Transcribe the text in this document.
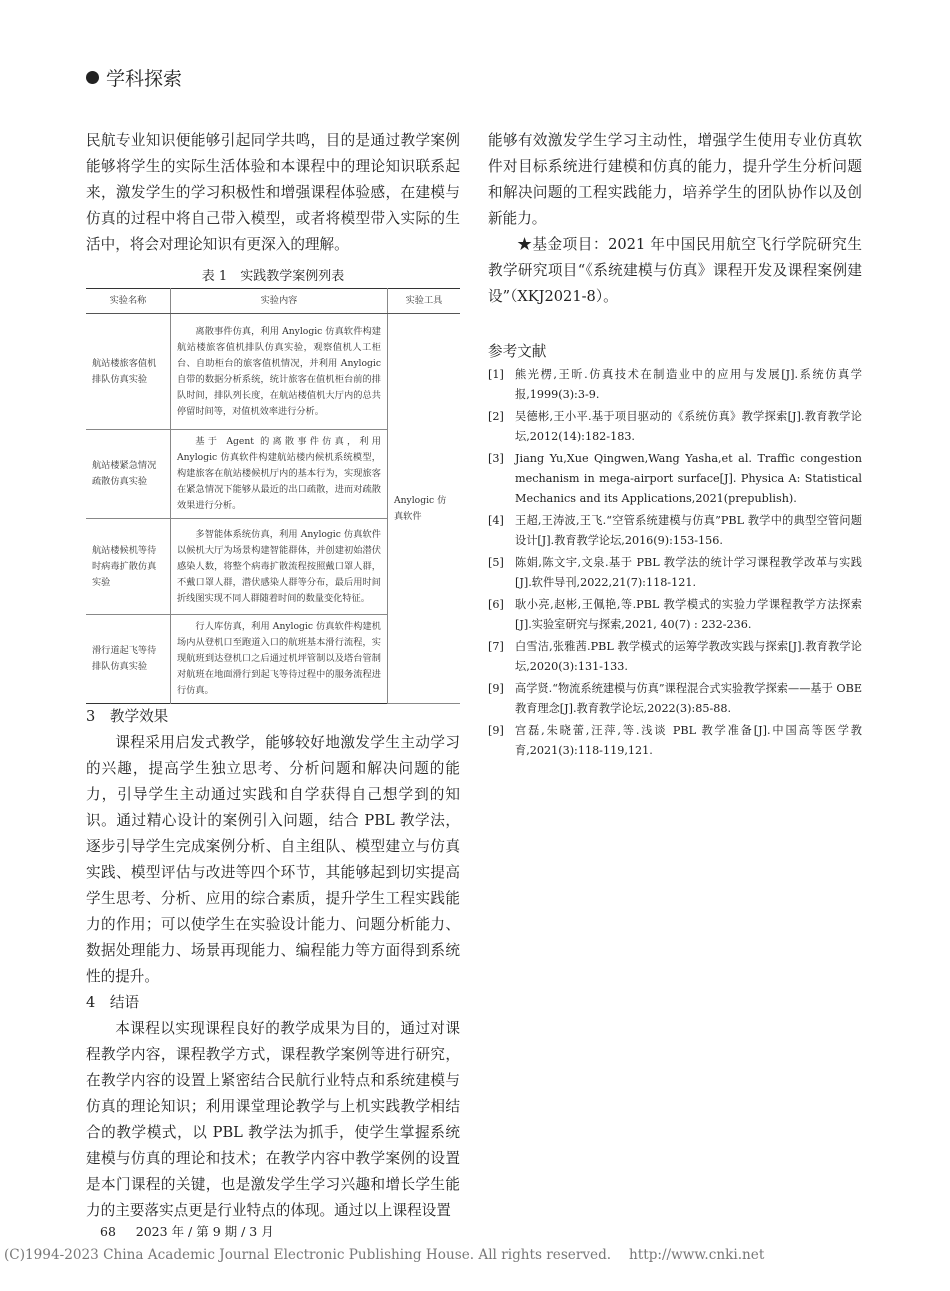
学科探索

民航专业知识便能够引起同学共鸣，目的是通过教学案例能够将学生的实际生活体验和本课程中的理论知识联系起来，激发学生的学习积极性和增强课程体验感，在建模与仿真的过程中将自己带入模型，或者将模型带入实际的生活中，将会对理论知识有更深入的理解。

表 1　实践教学案例列表
实验名称	实验内容	实验工具
航站楼旅客值机排队仿真实验	离散事件仿真，利用 Anylogic 仿真软件构建航站楼旅客值机排队仿真实验，观察值机人工柜台、自助柜台的旅客值机情况，并利用 Anylogic 自带的数据分析系统，统计旅客在值机柜台前的排队时间，排队列长度，在航站楼值机大厅内的总共停留时间等，对值机效率进行分析。	Anylogic 仿真软件
航站楼紧急情况疏散仿真实验	基于 Agent 的离散事件仿真，利用 Anylogic 仿真软件构建航站楼内候机系统模型，构建旅客在航站楼候机厅内的基本行为，实现旅客在紧急情况下能够从最近的出口疏散，进而对疏散效果进行分析。	
航站楼候机等待时病毒扩散仿真实验	多智能体系统仿真，利用 Anylogic 仿真软件以候机大厅为场景构建智能群体，并创建初始潜伏感染人数，将整个病毒扩散流程按照戴口罩人群，不戴口罩人群，潜伏感染人群等分布，最后用时间折线图实现不同人群随着时间的数量变化特征。	
滑行道起飞等待排队仿真实验	行人库仿真，利用 Anylogic 仿真软件构建机场内从登机口至跑道入口的航班基本滑行流程，实现航班到达登机口之后通过机坪管制以及塔台管制对航班在地面滑行到起飞等待过程中的服务流程进行仿真。	

3　教学效果

课程采用启发式教学，能够较好地激发学生主动学习的兴趣，提高学生独立思考、分析问题和解决问题的能力，引导学生主动通过实践和自学获得自己想学到的知识。通过精心设计的案例引入问题，结合 PBL 教学法，逐步引导学生完成案例分析、自主组队、模型建立与仿真实践、模型评估与改进等四个环节，其能够起到切实提高学生思考、分析、应用的综合素质，提升学生工程实践能力的作用；可以使学生在实验设计能力、问题分析能力、数据处理能力、场景再现能力、编程能力等方面得到系统性的提升。

4　结语

本课程以实现课程良好的教学成果为目的，通过对课程教学内容，课程教学方式，课程教学案例等进行研究，在教学内容的设置上紧密结合民航行业特点和系统建模与仿真的理论知识；利用课堂理论教学与上机实践教学相结合的教学模式，以 PBL 教学法为抓手，使学生掌握系统建模与仿真的理论和技术；在教学内容中教学案例的设置是本门课程的关键，也是激发学生学习兴趣和增长学生能力的主要落实点更是行业特点的体现。通过以上课程设置

能够有效激发学生学习主动性，增强学生使用专业仿真软件对目标系统进行建模和仿真的能力，提升学生分析问题和解决问题的工程实践能力，培养学生的团队协作以及创新能力。

★基金项目：2021 年中国民用航空飞行学院研究生教学研究项目“《系统建模与仿真》课程开发及课程案例建设”（XKJ2021-8）。

参考文献
[1] 熊光楞,王昕.仿真技术在制造业中的应用与发展[J].系统仿真学报,1999(3):3-9.
[2] 吴德彬,王小平.基于项目驱动的《系统仿真》教学探索[J].教育教学论坛,2012(14):182-183.
[3] Jiang Yu,Xue Qingwen,Wang Yasha,et al. Traffic congestion mechanism in mega-airport surface[J]. Physica A: Statistical Mechanics and its Applications,2021(prepublish).
[4] 王超,王涛波,王飞.“空管系统建模与仿真”PBL 教学中的典型空管问题设计[J].教育教学论坛,2016(9):153-156.
[5] 陈娟,陈文宇,文泉.基于 PBL 教学法的统计学习课程教学改革与实践[J].软件导刊,2022,21(7):118-121.
[6] 耿小亮,赵彬,王佩艳,等.PBL 教学模式的实验力学课程教学方法探索[J].实验室研究与探索,2021, 40(7) : 232-236.
[7] 白雪洁,张雅茜.PBL 教学模式的运筹学教改实践与探索[J].教育教学论坛,2020(3):131-133.
[9] 高学贤.“物流系统建模与仿真”课程混合式实验教学探索——基于 OBE 教育理念[J].教育教学论坛,2022(3):85-88.
[9] 宫磊,朱晓蕾,汪萍,等.浅谈 PBL 教学准备[J].中国高等医学教育,2021(3):118-119,121.
68 2023 年 / 第 9 期 / 3 月
(C)1994-2023 China Academic Journal Electronic Publishing House. All rights reserved.　 http://www.cnki.net
